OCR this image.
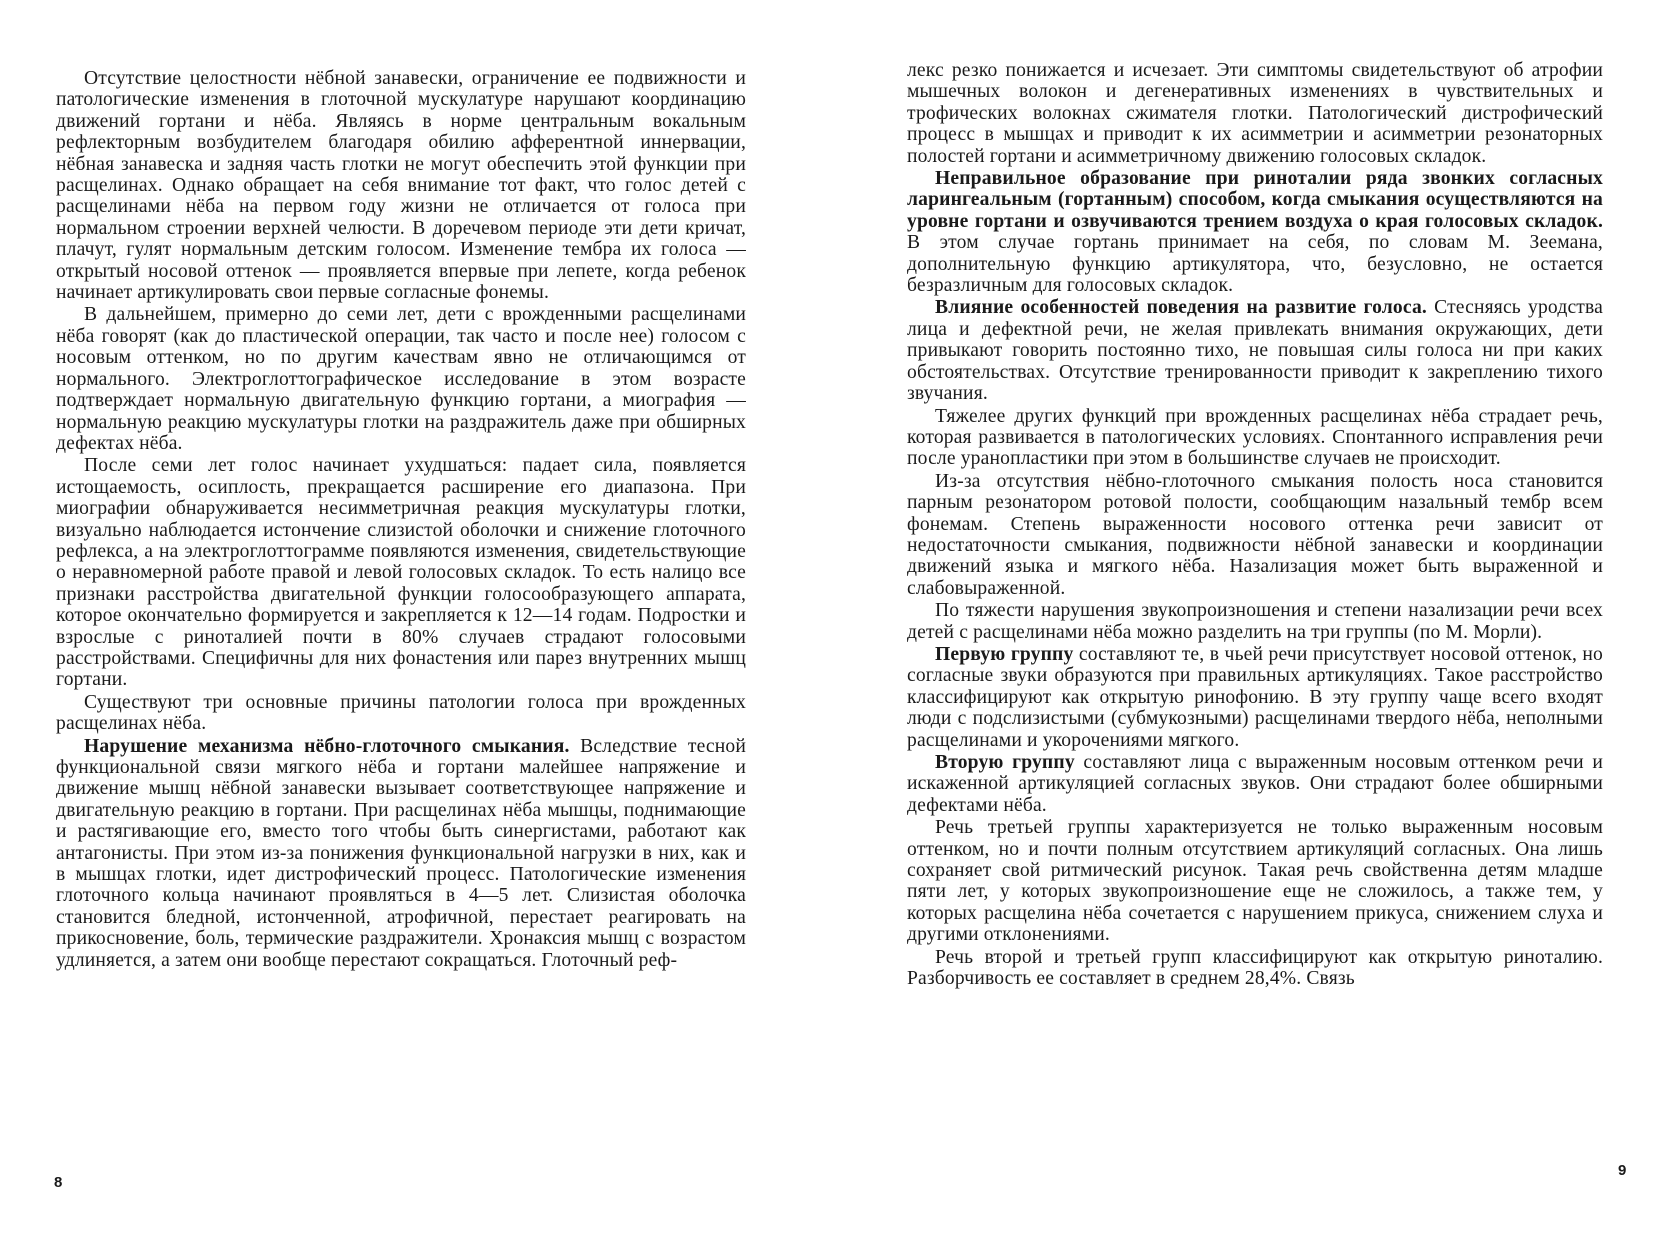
Отсутствие целостности нёбной занавески, ограничение ее подвижности и патологические изменения в глоточной мускулатуре нарушают координацию движений гортани и нёба. Являясь в норме центральным вокальным рефлекторным возбудителем благодаря обилию афферентной иннервации, нёбная занавеска и задняя часть глотки не могут обеспечить этой функции при расщелинах. Однако обращает на себя внимание тот факт, что голос детей с расщелинами нёба на первом году жизни не отличается от голоса при нормальном строении верхней челюсти. В доречевом периоде эти дети кричат, плачут, гулят нормальным детским голосом. Изменение тембра их голоса — открытый носовой оттенок — проявляется впервые при лепете, когда ребенок начинает артикулировать свои первые согласные фонемы.

В дальнейшем, примерно до семи лет, дети с врожденными расщелинами нёба говорят (как до пластической операции, так часто и после нее) голосом с носовым оттенком, но по другим качествам явно не отличающимся от нормального. Электроглоттографическое исследование в этом возрасте подтверждает нормальную двигательную функцию гортани, а миография — нормальную реакцию мускулатуры глотки на раздражитель даже при обширных дефектах нёба.

После семи лет голос начинает ухудшаться: падает сила, появляется истощаемость, осиплость, прекращается расширение его диапазона. При миографии обнаруживается несимметричная реакция мускулатуры глотки, визуально наблюдается истончение слизистой оболочки и снижение глоточного рефлекса, а на электроглоттограмме появляются изменения, свидетельствующие о неравномерной работе правой и левой голосовых складок. То есть налицо все признаки расстройства двигательной функции голосообразующего аппарата, которое окончательно формируется и закрепляется к 12—14 годам. Подростки и взрослые с риноталией почти в 80% случаев страдают голосовыми расстройствами. Специфичны для них фонастения или парез внутренних мышц гортани.

Существуют три основные причины патологии голоса при врожденных расщелинах нёба.

Нарушение механизма нёбно-глоточного смыкания. Вследствие тесной функциональной связи мягкого нёба и гортани малейшее напряжение и движение мышц нёбной занавески вызывает соответствующее напряжение и двигательную реакцию в гортани. При расщелинах нёба мышцы, поднимающие и растягивающие его, вместо того чтобы быть синергистами, работают как антагонисты. При этом из-за понижения функциональной нагрузки в них, как и в мышцах глотки, идет дистрофический процесс. Патологические изменения глоточного кольца начинают проявляться в 4—5 лет. Слизистая оболочка становится бледной, истонченной, атрофичной, перестает реагировать на прикосновение, боль, термические раздражители. Хронаксия мышц с возрастом удлиняется, а затем они вообще перестают сокращаться. Глоточный реф-

8

лекс резко понижается и исчезает. Эти симптомы свидетельствуют об атрофии мышечных волокон и дегенеративных изменениях в чувствительных и трофических волокнах сжимателя глотки. Патологический дистрофический процесс в мышцах и приводит к их асимметрии и асимметрии резонаторных полостей гортани и асимметричному движению голосовых складок.

Неправильное образование при риноталии ряда звонких согласных ларингеальным (гортанным) способом, когда смыкания осуществляются на уровне гортани и озвучиваются трением воздуха о края голосовых складок. В этом случае гортань принимает на себя, по словам М. Зеемана, дополнительную функцию артикулятора, что, безусловно, не остается безразличным для голосовых складок.

Влияние особенностей поведения на развитие голоса. Стесняясь уродства лица и дефектной речи, не желая привлекать внимания окружающих, дети привыкают говорить постоянно тихо, не повышая силы голоса ни при каких обстоятельствах. Отсутствие тренированности приводит к закреплению тихого звучания.

Тяжелее других функций при врожденных расщелинах нёба страдает речь, которая развивается в патологических условиях. Спонтанного исправления речи после уранопластики при этом в большинстве случаев не происходит.

Из-за отсутствия нёбно-глоточного смыкания полость носа становится парным резонатором ротовой полости, сообщающим назальный тембр всем фонемам. Степень выраженности носового оттенка речи зависит от недостаточности смыкания, подвижности нёбной занавески и координации движений языка и мягкого нёба. Назализация может быть выраженной и слабовыраженной.

По тяжести нарушения звукопроизношения и степени назализации речи всех детей с расщелинами нёба можно разделить на три группы (по М. Морли).

Первую группу составляют те, в чьей речи присутствует носовой оттенок, но согласные звуки образуются при правильных артикуляциях. Такое расстройство классифицируют как открытую ринофонию. В эту группу чаще всего входят люди с подслизистыми (субмукозными) расщелинами твердого нёба, неполными расщелинами и укорочениями мягкого.

Вторую группу составляют лица с выраженным носовым оттенком речи и искаженной артикуляцией согласных звуков. Они страдают более обширными дефектами нёба.

Речь третьей группы характеризуется не только выраженным носовым оттенком, но и почти полным отсутствием артикуляций согласных. Она лишь сохраняет свой ритмический рисунок. Такая речь свойственна детям младше пяти лет, у которых звукопроизношение еще не сложилось, а также тем, у которых расщелина нёба сочетается с нарушением прикуса, снижением слуха и другими отклонениями.

Речь второй и третьей групп классифицируют как открытую риноталию. Разборчивость ее составляет в среднем 28,4%. Связь

9
